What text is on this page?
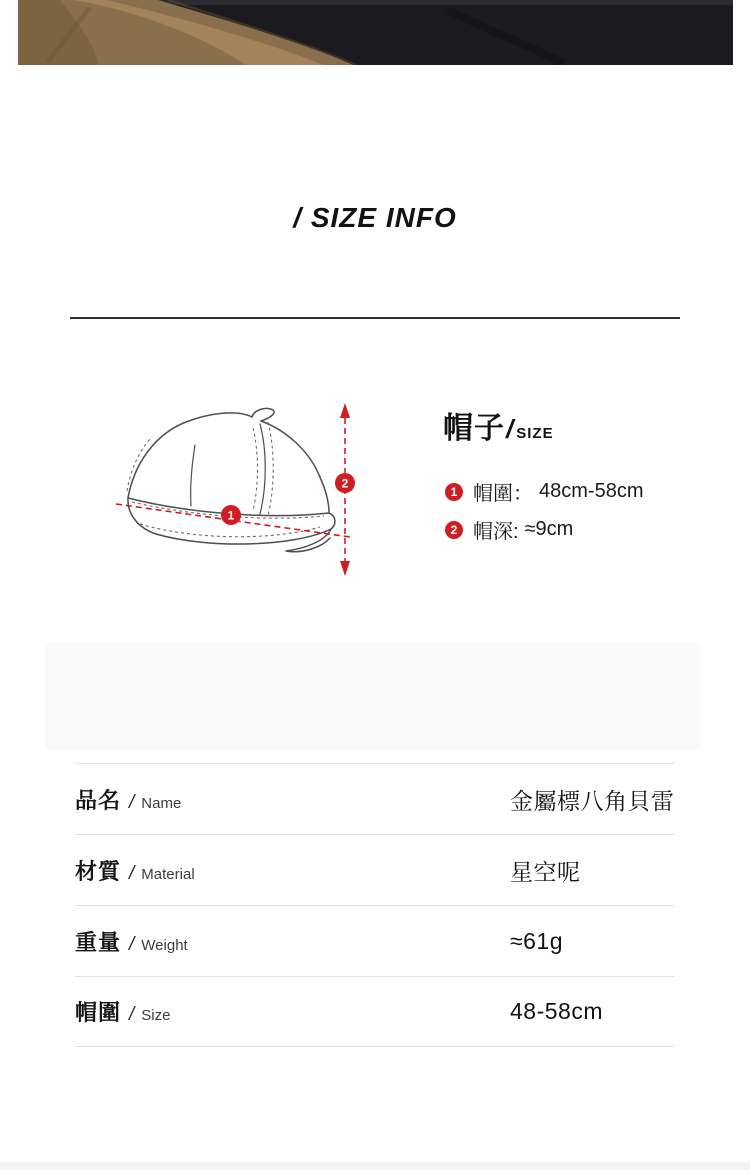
/ SIZE INFO
1
2
帽子 / SIZE
1 帽圍： 48cm-58cm
2 帽深: ≈9cm
品名 / Name	金屬標八角貝雷
材質 / Material	星空呢
重量 / Weight	≈61g
帽圍 / Size	48-58cm
